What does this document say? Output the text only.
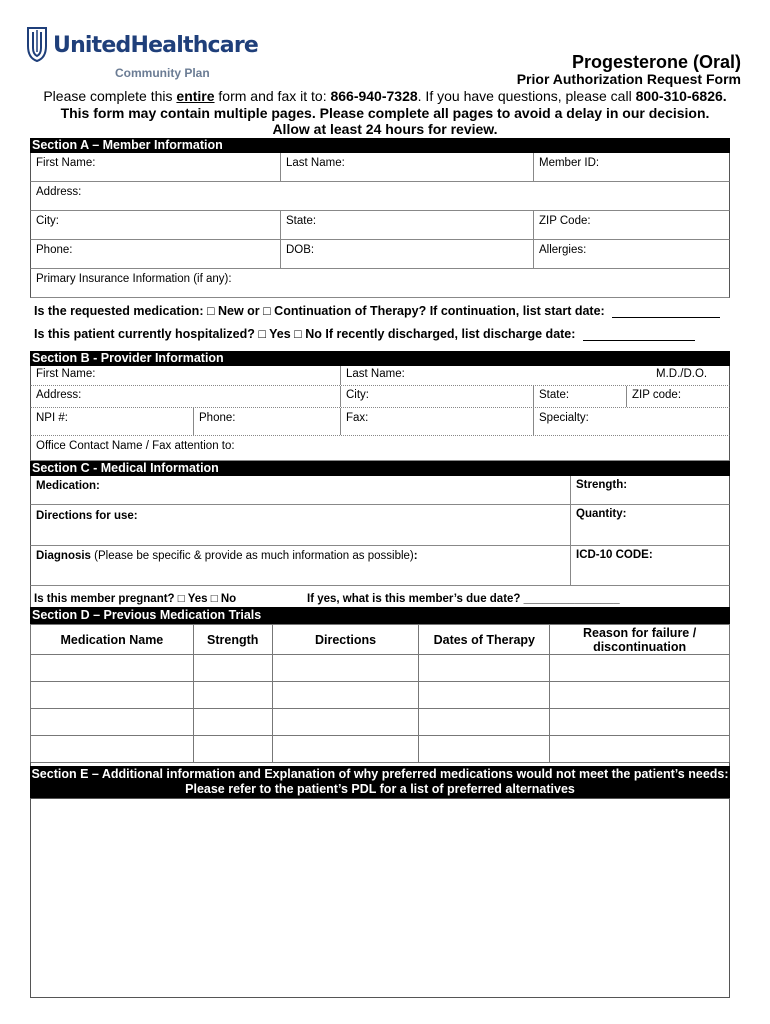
UnitedHealthcare
Community Plan
Progesterone (Oral)
Prior Authorization Request Form
Please complete this entire form and fax it to: 866-940-7328. If you have questions, please call 800-310-6826.
This form may contain multiple pages. Please complete all pages to avoid a delay in our decision.
Allow at least 24 hours for review.
Section A – Member Information
First Name:	Last Name:	Member ID:
Address:
City:	State:	ZIP Code:
Phone:	DOB:	Allergies:
Primary Insurance Information (if any):
Is the requested medication: □ New or □ Continuation of Therapy? If continuation, list start date:
Is this patient currently hospitalized? □ Yes □ No If recently discharged, list discharge date:
Section B - Provider Information
First Name:	Last Name:	M.D./D.O.
Address:	City:	State:	ZIP code:
NPI #:	Phone:	Fax:	Specialty:
Office Contact Name / Fax attention to:
Section C - Medical Information
Medication:	Strength:
Directions for use:	Quantity:
Diagnosis (Please be specific & provide as much information as possible):	ICD-10 CODE:
Is this member pregnant? □ Yes □ No	If yes, what is this member’s due date? _______________
Section D – Previous Medication Trials
Medication Name	Strength	Directions	Dates of Therapy	Reason for failure / discontinuation

Section E – Additional information and Explanation of why preferred medications would not meet the patient’s needs:
Please refer to the patient’s PDL for a list of preferred alternatives
